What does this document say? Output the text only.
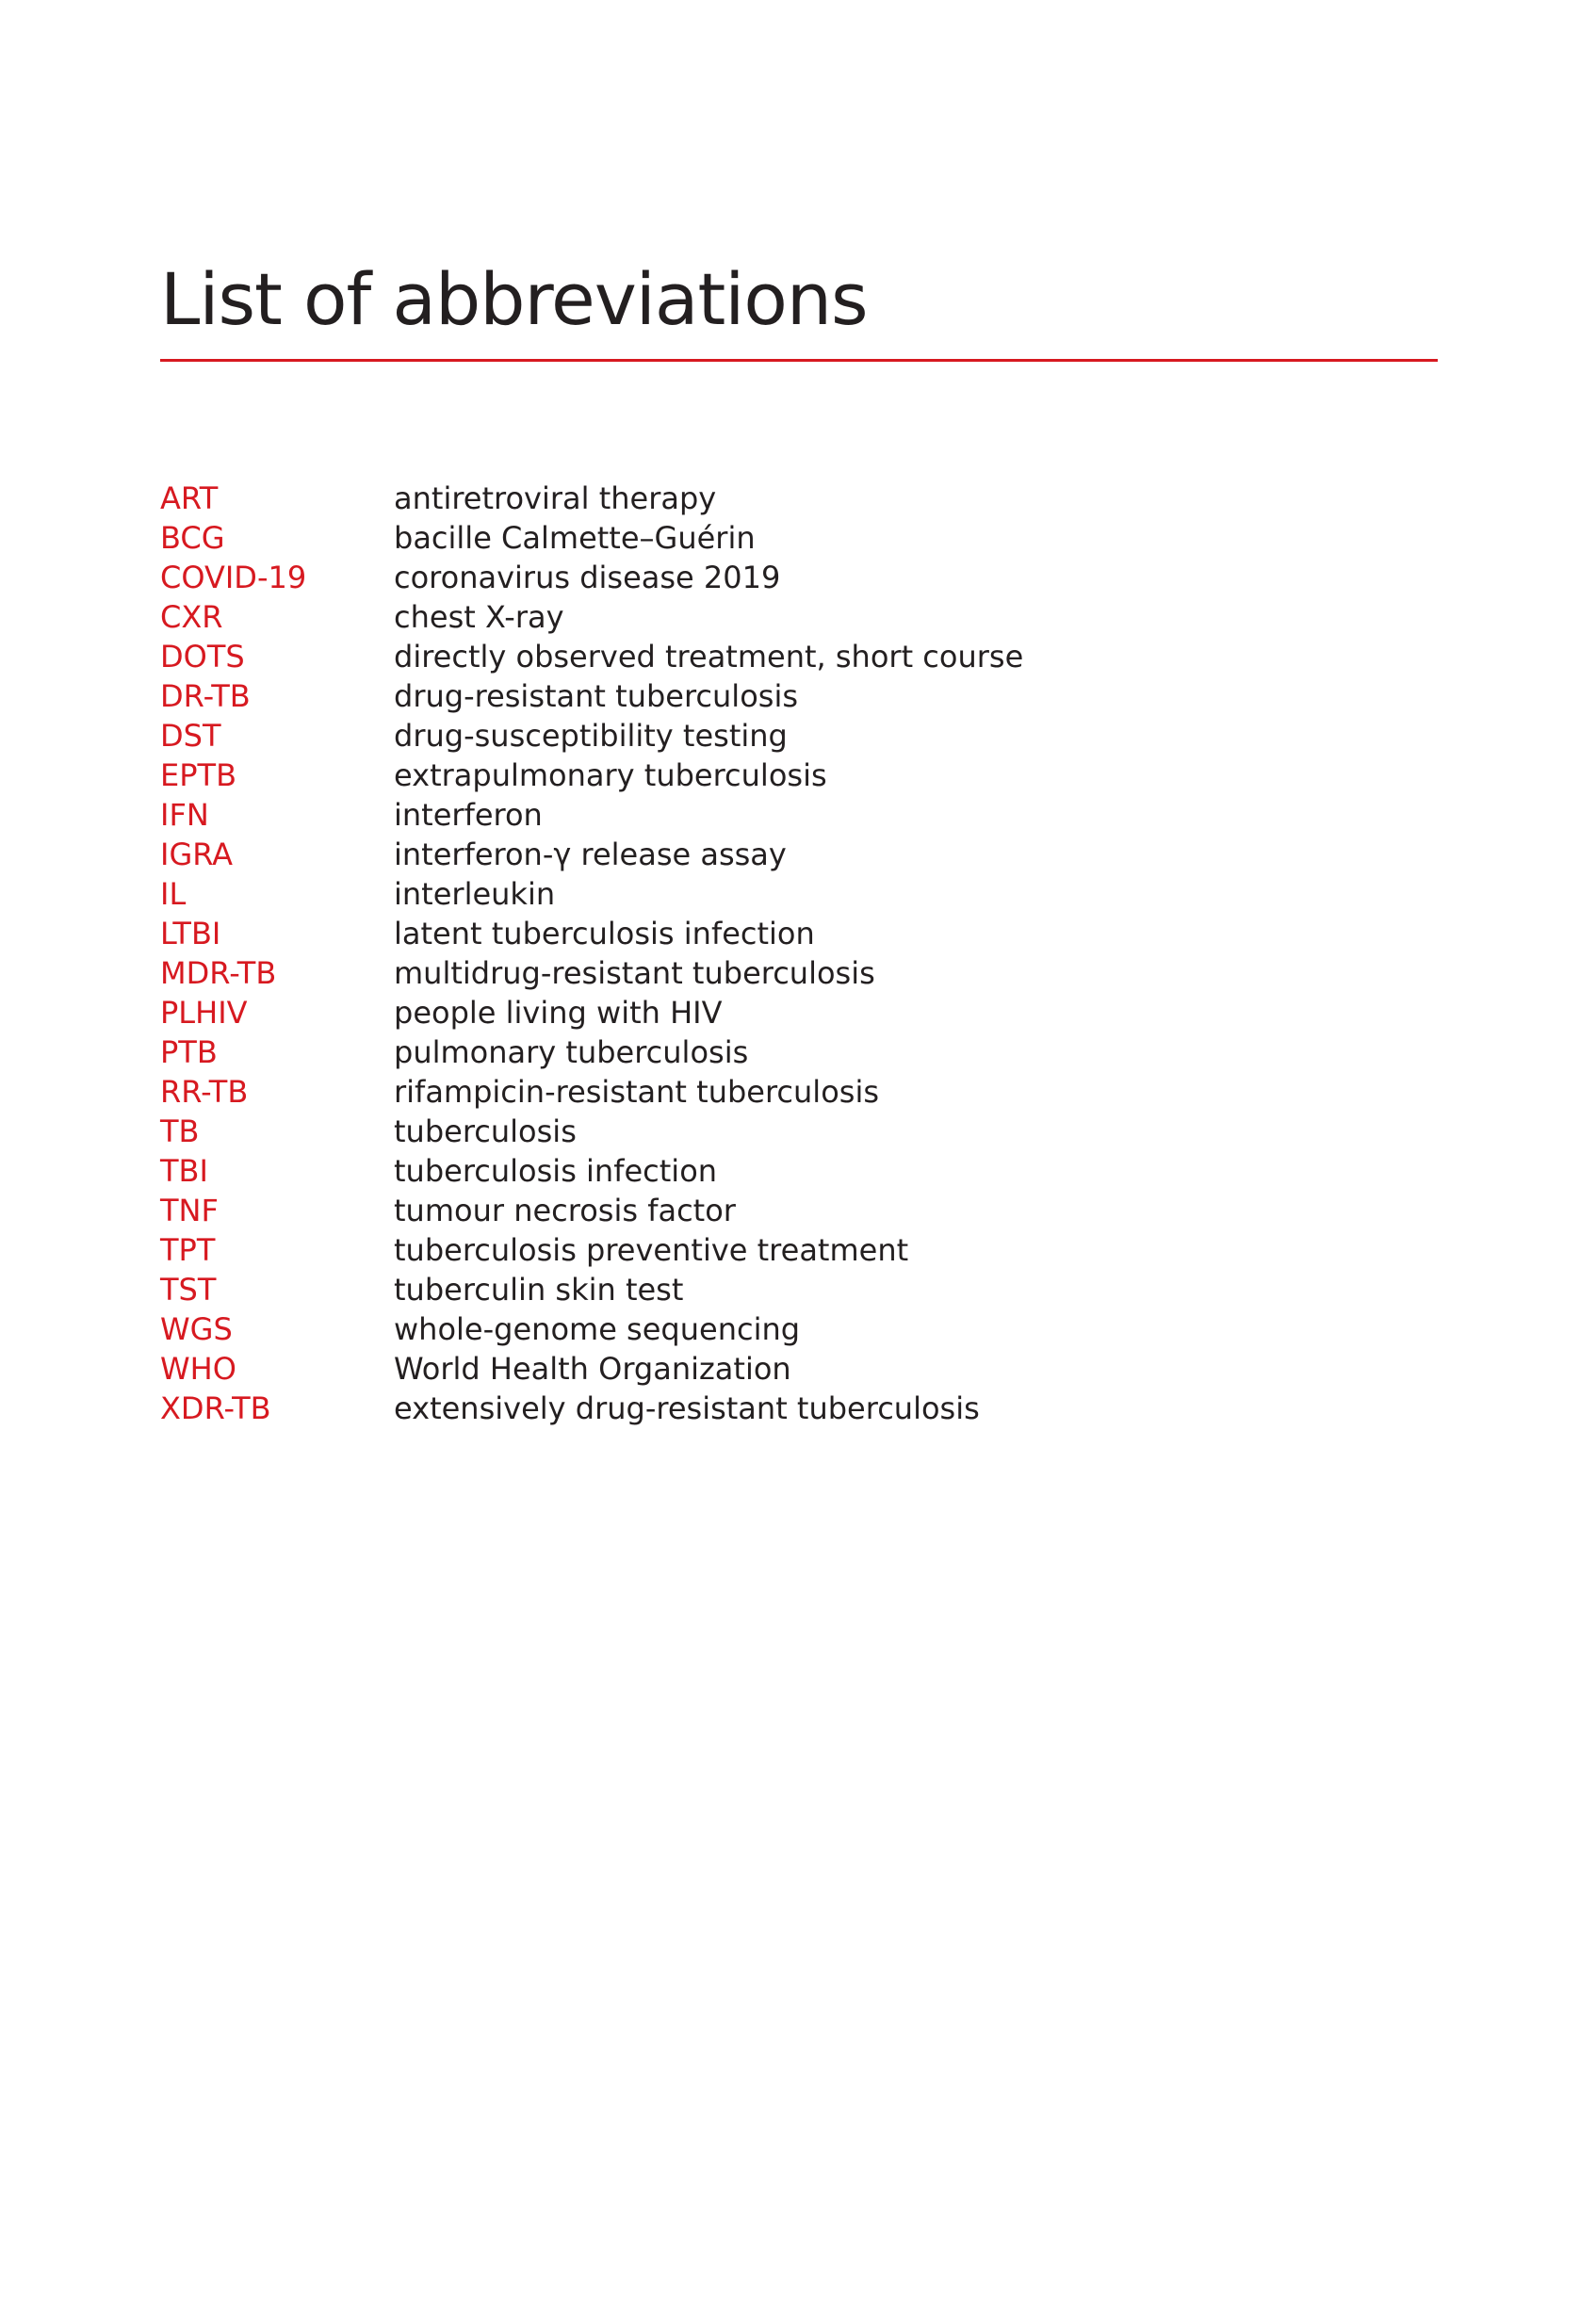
List of abbreviations
ART	antiretroviral therapy
BCG	bacille Calmette–Guérin
COVID-19	coronavirus disease 2019
CXR	chest X-ray
DOTS	directly observed treatment, short course
DR-TB	drug-resistant tuberculosis
DST	drug-susceptibility testing
EPTB	extrapulmonary tuberculosis
IFN	interferon
IGRA	interferon-γ release assay
IL	interleukin
LTBI	latent tuberculosis infection
MDR-TB	multidrug-resistant tuberculosis
PLHIV	people living with HIV
PTB	pulmonary tuberculosis
RR-TB	rifampicin-resistant tuberculosis
TB	tuberculosis
TBI	tuberculosis infection
TNF	tumour necrosis factor
TPT	tuberculosis preventive treatment
TST	tuberculin skin test
WGS	whole-genome sequencing
WHO	World Health Organization
XDR-TB	extensively drug-resistant tuberculosis
